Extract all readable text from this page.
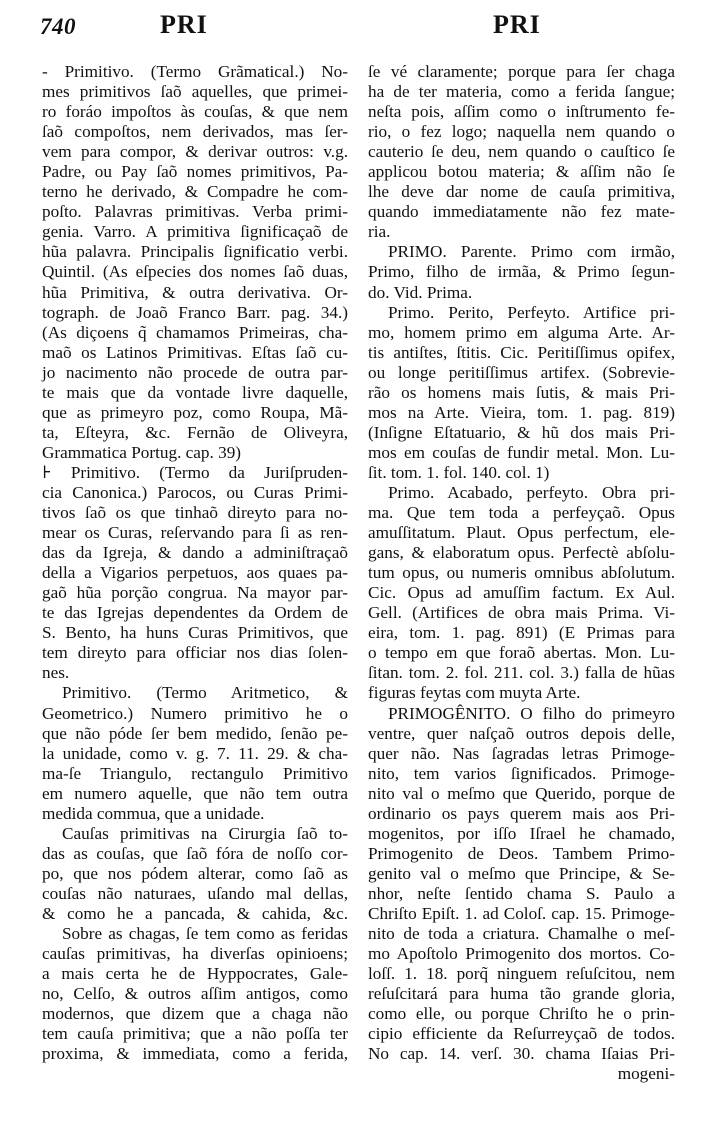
740	PRI	PRI
- Primitivo. (Termo Grãmatical.) No-
mes primitivos ſaõ aquelles, que primei-
ro foráo impoſtos às couſas, & que nem
ſaõ compoſtos, nem derivados, mas ſer-
vem para compor, & derivar outros: v.g.
Padre, ou Pay ſaõ nomes primitivos, Pa-
terno he derivado, & Compadre he com-
poſto. Palavras primitivas. Verba primi-
genia. Varro. A primitiva ſignificaçaõ de
hũa palavra. Principalis ſignificatio verbi.
Quintil. (As eſpecies dos nomes ſaõ duas,
hũa Primitiva, & outra derivativa. Or-
tograph. de Joaõ Franco Barr. pag. 34.)
(As diçoens q̃ chamamos Primeiras, cha-
maõ os Latinos Primitivas. Eſtas ſaõ cu-
jo nacimento não procede de outra par-
te mais que da vontade livre daquelle,
que as primeyro poz, como Roupa, Mã-
ta, Eſteyra, &c. Fernão de Oliveyra,
Grammatica Portug. cap. 39)
⊦ Primitivo. (Termo da Juriſpruden-
cia Canonica.) Parocos, ou Curas Primi-
tivos ſaõ os que tinhaõ direyto para no-
mear os Curas, reſervando para ſi as ren-
das da Igreja, & dando a adminiſtraçaõ
della a Vigarios perpetuos, aos quaes pa-
gaõ hũa porção congrua. Na mayor par-
te das Igrejas dependentes da Ordem de
S. Bento, ha huns Curas Primitivos, que
tem direyto para officiar nos dias ſolen-
nes.
Primitivo. (Termo Aritmetico, &
Geometrico.) Numero primitivo he o
que não póde ſer bem medido, ſenão pe-
la unidade, como v. g. 7. 11. 29. & cha-
ma-ſe Triangulo, rectangulo Primitivo
em numero aquelle, que não tem outra
medida commua, que a unidade.
Cauſas primitivas na Cirurgia ſaõ to-
das as couſas, que ſaõ fóra de noſſo cor-
po, que nos pódem alterar, como ſaõ as
couſas não naturaes, uſando mal dellas,
& como he a pancada, & cahida, &c.
Sobre as chagas, ſe tem como as feridas
cauſas primitivas, ha diverſas opinioens;
a mais certa he de Hyppocrates, Gale-
no, Celſo, & outros aſſim antigos, como
modernos, que dizem que a chaga não
tem cauſa primitiva; que a não poſſa ter
proxima, & immediata, como a ferida,
ſe vé claramente; porque para ſer chaga
ha de ter materia, como a ferida ſangue;
neſta pois, aſſim como o inſtrumento fe-
rio, o fez logo; naquella nem quando o
cauterio ſe deu, nem quando o cauſtico ſe
applicou botou materia; & aſſim não ſe
lhe deve dar nome de cauſa primitiva,
quando immediatamente não fez mate-
ria.
PRIMO. Parente. Primo com irmão,
Primo, filho de irmãa, & Primo ſegun-
do. Vid. Prima.
Primo. Perito, Perfeyto. Artifice pri-
mo, homem primo em alguma Arte. Ar-
tis antiſtes, ſtitis. Cic. Peritiſſimus opifex,
ou longe peritiſſimus artifex. (Sobrevie-
rão os homens mais ſutis, & mais Pri-
mos na Arte. Vieira, tom. 1. pag. 819)
(Inſigne Eſtatuario, & hũ dos mais Pri-
mos em couſas de fundir metal. Mon. Lu-
ſit. tom. 1. fol. 140. col. 1)
Primo. Acabado, perfeyto. Obra pri-
ma. Que tem toda a perfeyçaõ. Opus
amuſſitatum. Plaut. Opus perfectum, ele-
gans, & elaboratum opus. Perfectè abſolu-
tum opus, ou numeris omnibus abſolutum.
Cic. Opus ad amuſſim factum. Ex Aul.
Gell. (Artifices de obra mais Prima. Vi-
eira, tom. 1. pag. 891) (E Primas para
o tempo em que foraõ abertas. Mon. Lu-
ſitan. tom. 2. fol. 211. col. 3.) falla de hũas
figuras feytas com muyta Arte.
PRIMOGÊNITO. O filho do primeyro
ventre, quer naſçaõ outros depois delle,
quer não. Nas ſagradas letras Primoge-
nito, tem varios ſignificados. Primoge-
nito val o meſmo que Querido, porque de
ordinario os pays querem mais aos Pri-
mogenitos, por iſſo Iſrael he chamado,
Primogenito de Deos. Tambem Primo-
genito val o meſmo que Principe, & Se-
nhor, neſte ſentido chama S. Paulo a
Chriſto Epiſt. 1. ad Coloſ. cap. 15. Primoge-
nito de toda a criatura. Chamalhe o meſ-
mo Apoſtolo Primogenito dos mortos. Co-
loſſ. 1. 18. porq̃ ninguem reſuſcitou, nem
reſuſcitará para huma tão grande gloria,
como elle, ou porque Chriſto he o prin-
cipio efficiente da Reſurreyçaõ de todos.
No cap. 14. verſ. 30. chama Iſaias Pri-
mogeni-
